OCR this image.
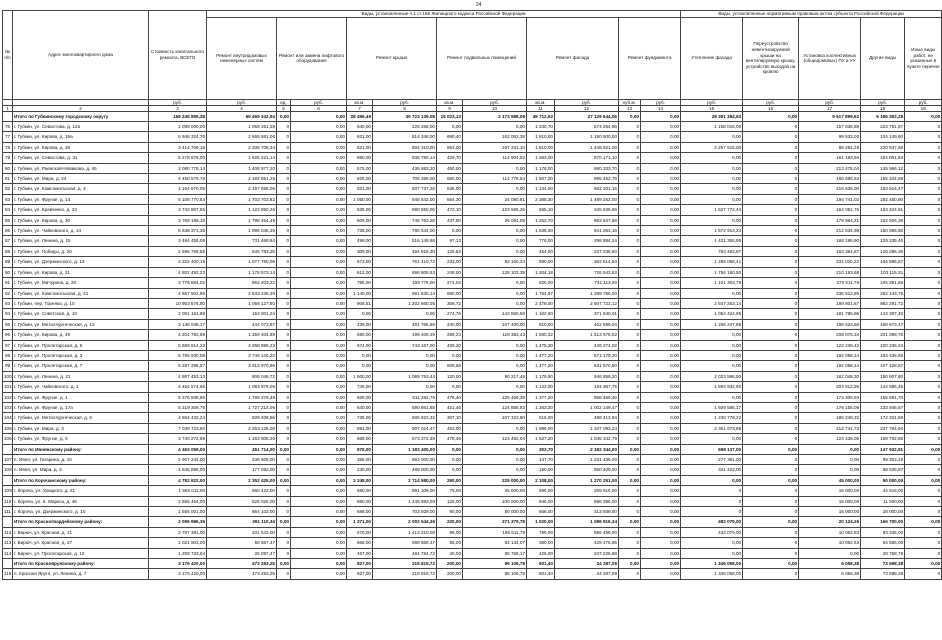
24
№ п/п	Адрес многоквартирного дома	Стоимость капитального ремонта, ВСЕГО	Виды, установленные ч.1 ст.166 Жилищного кодекса Российской Федерации											Виды, установленные нормативным правовым актом субъекта Российской Федерации				
			Ремонт внутридомовых инженерных систем	Ремонт или замена лифтового оборудования		Ремонт крыши		Ремонт подвальных помещений		Ремонт фасада		Ремонт фундамента		Утепление фасада	Переустройство невентилируемой крыши на вентилируемую крышу, устройство выходов на кровлю	Установка коллективных (общедомовых) ПУ и УУ	Другие виды	Иные виды работ, не указанные в пункте перечня
		руб.	руб.	ед.	руб.	кв.м.	руб.	кв.м.	руб.	кв.м.	руб.	куб.м.	руб.	руб.	руб.	руб.	руб.	руб.
1	2	3	4	5	6	7	8	9	10	11	12	13	14	15	16	17	18	19
	Итого по Губкинскому городскому округу	158 245 895,38	65 469 342,94	0,00	0,00	28 496,49	39 723 139,08	15 023,13	2 173 988,08	49 712,62	27 129 644,06	0,00	0,00	28 351 394,63	0,00	9 617 899,62	6 186 353,25	0,00
76	г. Губкин, ул. Севастова, д. 12а	1 099 000,00	1 059 251,38	0	0,00	640,00	225 266,00	0,00	0,00	1 230,70	574 254,96	0	0,00	1 158 016,00	0	157 838,68	223 751,67	0
77	г. Губкин, ул. Кирова, д. 19а	6 946 324,76	2 665 681,06	0	0,00	821,00	814 346,00	690,40	162 062,38	1 810,00	1 150 500,00	0	0,00	0,00	0	99 532,00	104 149,60	0
78	г. Губкин, ул. Кирова, д. 29	3 414 709,18	2 336 706,34	0	0,00	821,00	804 310,00	663,00	167 231,10	1 810,00	1 448 521,00	0	0,00	2 257 615,00	0	88 254,28	220 637,68	0
79	г. Губкин, ул. Севастова, д. 31	5 278 678,00	1 626 221,14	0	0,00	980,00	936 780,14	426,70	114 904,52	1 263,00	570 171,10	0	0,00	0,00	0	161 193,94	154 001,84	0
80	г. Губкин, ул. Раевской-Новикова, д. 45	3 080 778,14	1 408 977,20	0	0,00	575,00	436 683,20	460,00	0,00	1 178,00	680 333,70	0	0,00	0,00	0	213 475,04	145 966,12	0
81	г. Губкин, ул. Мира, д. 24	4 450 579,78	2 184 651,25	0	0,00	825,00	708 388,00	650,00	114 778,54	1 507,00	995 452,78	0	0,00	0,00	0	166 696,63	155 424,68	0
82	г. Губкин, ул. Комсомольская, д. 4	4 164 670,05	2 197 658,06	0	0,00	821,00	837 737,26	636,00	0,00	1 134,00	582 201,15	0	0,00	0,00	0	216 636,00	163 624,47	0
83	г. Губкин, ул. Фрунзе, д. 14	5 109 770,64	1 703 702,82	0	0,00	1 050,00	948 542,00	564,30	24 090,81	2 385,30	1 489 252,00	0	0,00	0,00	0	194 741,02	192 460,90	0
84	г. Губкин, ул. Кравченко, д. 23	3 742 807,55	1 122 850,26	0	0,00	535,00	690 550,00	472,10	123 565,26	665,10	345 845,69	0	0,00	1 627 772,44	0	164 051,76	163 424,81	0
85	г. Губкин, ул. Кирова, д. 30	3 769 168,16	1 798 454,49	0	0,00	609,00	745 763,28	437,50	25 091,08	1 252,70	863 547,68	0	0,00	0,00	0	179 964,21	162 926,39	0
86	г. Губкин, ул. Чайковского, д. 14	5 636 371,36	1 996 046,35	0	0,00	735,00	786 644,00	0,00	0,00	1 538,00	641 263,16	0	0,00	1 572 913,24	0	212 634,98	150 896,86	0
87	г. Губкин, ул. Ленина, д. 15	3 484 455,08	731 469,84	0	0,00	499,00	516 149,86	97,13	0,00	776,00	298 884,24	0	0,00	1 421 355,95	0	168 195,90	129 235,46	0
88	г. Губкин, ул. Победы, д. 20	2 596 769,55	645 783,28	0	0,00	309,00	494 818,30	128,63	0,00	454,00	237 238,80	0	0,00	783 463,97	0	163 364,87	126 286,36	0
89	г. Губкин, ул. Дзержинского, д. 13	4 322 400,19	1 077 760,06	0	0,00	673,00	761 410,72	233,00	92 160,34	580,00	362 614,64	0	0,00	1 266 066,41	0	231 020,22	106 596,57	0
90	г. Губкин, ул. Кирова, д. 31	4 802 492,23	1 178 573,14	0	0,00	612,00	696 806,63	248,00	128 103,39	1 204,18	726 543,63	0	0,00	1 756 160,50	0	210 183,68	103 115,31	0
91	г. Губкин, ул. Мичурина, д. 20	3 776 854,02	862 203,22	0	0,00	785,00	169 776,00	271,04	0,00	825,00	731 113,00	0	0,00	1 101 303,79	0	270 611,76	105 351,68	0
92	г. Губкин, ул. Комсомольская, д. 41	4 657 502,95	2 843 236,30	0	0,00	1 140,00	991 630,14	680,00	0,00	1 764,87	1 289 786,00	0	0,00	0,00	0	236 512,85	292 143,75	0
93	г. Губкин, пер. Горняка, д. 10	10 903 576,80	1 056 127,80	0	0,00	906,51	1 202 660,05	308,72	0,00	2 478,00	2 507 723,12	0	0,00	2 847 263,14	0	189 801,67	982 291,72	0
94	г. Губкин, ул. Советская, д. 10	2 051 151,88	153 001,24	0	0,00	0,00	0,00	274,76	142 550,58	1 162,60	371 640,01	0	0,00	1 054 424,95	0	181 785,86	143 387,40	0
95	г. Губкин, ул. Металлургическая, д. 13	3 138 048,17	444 073,67	0	0,00	439,00	481 765,69	240,00	107 400,00	810,00	462 599,04	0	0,00	1 268 247,86	0	186 523,68	168 673,47	0
96	г. Губкин, ул. Кирова, д. 49	4 204 792,69	1 359 404,88	0	0,00	590,00	199 409,29	289,24	119 383,43	1 580,32	1 513 576,62	0	0,00	0,00	0	208 075,34	201 399,76	0
97	г. Губкин, ул. Пролетарская, д. 5	5 669 814,23	4 258 995,23	0	0,00	674,00	743 167,00	408,20	0,00	1 475,30	446 274,02	0	0,00	0,00	0	122 239,42	100 236,24	0
98	г. Губкин, ул. Пролетарская, д. 3	5 795 930,08	3 749 140,20	0	0,00	0,00	0,00	0,00	0,00	1 477,20	671 179,20	0	0,00	0,00	0	192 058,14	183 436,88	0
99	г. Губкин, ул. Пролетарская, д. 7	6 287 296,57	3 313 970,96	0	0,00	0,00	0,00	608,56	0,00	1 477,20	631 570,80	0	0,00	0,00	0	192 058,14	107 428,67	0
100	г. Губкин, ул. Ленина, д. 21	4 867 453,13	906 046,72	0	0,00	1 500,00	1 069 753,44	120,00	90 217,46	1 175,90	946 859,20	0	0,00	2 023 566,90	0	162 048,30	150 907,80	0
101	г. Губкин, ул. Чайковского, д. 1	4 464 574,66	1 083 979,06	0	0,00	745,00	0,00	0,00	0,00	1 123,00	184 367,75	0	0,00	1 894 932,60	0	203 812,95	144 885,45	0
102	г. Губкин, ул. Фрунзе, д. 1	5 376 938,86	1 799 278,48	0	0,00	669,00	611 282,76	476,40	125 469,39	1 377,20	958 469,46	0	0,00	0,00	0	174 308,93	155 691,70	0
103	г. Губкин, ул. Фрунзе, д. 17а	5 319 309,76	1 727 214,06	0	0,00	640,00	590 861,88	451,46	124 855,83	1 253,20	1 002 149,47	0	0,00	1 609 586,17	0	176 155,09	133 946,57	0
104	г. Губкин, ул. Металлургическая, д. 6	4 664 432,24	509 408,56	0	0,00	735,00	606 823,32	307,10	107 323,80	616,00	486 413,94	0	0,00	1 230 778,22	0	186 248,32	172 321,59	0
105	г. Губкин, ул. Мира, д. 3	7 039 723,60	2 253 126,00	0	0,00	891,00	907 024,47	453,00	0,00	1 996,00	1 107 093,24	0	0,00	2 361 673,88	0	212 741,73	237 764,94	0
106	г. Губкин, ул. Фрунзе, д. 5	3 740 272,69	1 163 905,20	0	0,00	669,00	673 372,48	478,46	124 492,04	1 527,20	1 046 342,76	0	0,00	0,00	0	124 438,05	169 702,86	0
	Итого по Ивнянскому району:	4 463 059,00	451 714,00	0,00	0,00	876,00	1 183 400,00	0,00	0,00	303,70	2 182 344,00	0,00	0,00	598 137,00	0,00	0,00	147 932,91	0,00
107	п. Ивня, ул. Гагарина, д. 10	2 907 242,00	236 608,00	0	0,00	356,00	683 000,00	0,00	0,00	147,70	1 231 436,00	0	0,00	277 361,00	0	0,00	89 303,25	0
108	п. Ивня, ул. Мира, д. 3	1 545 896,00	177 082,00	0	0,00	230,00	489 000,00	0,00	0,00	150,00	950 409,00	0	0,00	341 422,00	0	0,00	58 635,97	0
	Итого по Корочанскому району:	4 792 622,00	2 352 425,00	0,00	0,00	2 248,00	2 714 980,00	290,00	225 000,00	2 108,00	1 270 251,00	0,00	0,00	0,00	0,00	45 000,00	50 000,00	0,00
109	г. Короча, ул. Урицкого, д. 21	1 565 011,00	660 422,00	0	0,00	680,00	891 309,00	75,00	45 000,00	696,00	259 916,00	0	0,00	0	0	15 000,00	44 618,00	0
110	г. Короча, ул. К. Маркса, д. 48	2 655 454,00	625 026,00	0	0,00	880,00	1 245 993,00	125,00	100 000,00	846,00	696 396,00	0	0,00	0	0	15 000,00	11 000,00	0
111	г. Короча, ул. Дзержинского, д. 10	1 565 001,00	864 102,00	0	0,00	688,00	703 929,00	90,00	80 000,00	566,00	313 939,00	0	0,00	0	0	15 000,00	28 000,00	0
	Итого по Красногвардейскому району:	2 095 986,36	391 110,34	0,00	0,00	1 371,00	2 002 544,36	220,00	371 379,78	1 020,00	1 086 916,34	0,00	0,00	482 079,00	0,00	20 124,26	166 700,00	0,00
112	г. Бирюч, ул. Красная, д. 21	2 787 391,00	331 543,00	0	0,00	670,00	1 413 210,00	98,00	185 511,78	795,00	696 498,00	0	0,00	432 079,00	0	10 062,63	83 345,00	0
113	г. Бирюч, ул. Красная, д. 27	1 021 903,00	59 567,47	0	0,00	666,00	589 669,47	85,00	64 134,07	380,00	429 475,85	0	0,00	0,00	0	10 062,63	64 596,00	0
114	г. Бирюч, ул. Пролетарская, д. 10	1 209 733,64	26 097,47	0	0,00	467,00	484 784,72	40,00	96 768,17	426,00	347 225,98	0	0,00	0,00	0	0,00	28 758,79	0
	Итого по Краснояружскому району:	3 179 420,00	473 293,25	0,00	0,00	827,00	219 815,72	200,00	96 106,78	501,40	24 287,09	0,00	0,00	1 346 058,00	0,00	6 058,38	73 698,38	0,00
115	п. Красная Яруга, ул. Ленина, д. 7	3 179 420,00	473 293,25	0	0,00	827,00	219 815,72	200,00	96 106,78	501,40	24 287,09	0	0,00	1 346 058,00	0	6 058,38	73 698,38	0
